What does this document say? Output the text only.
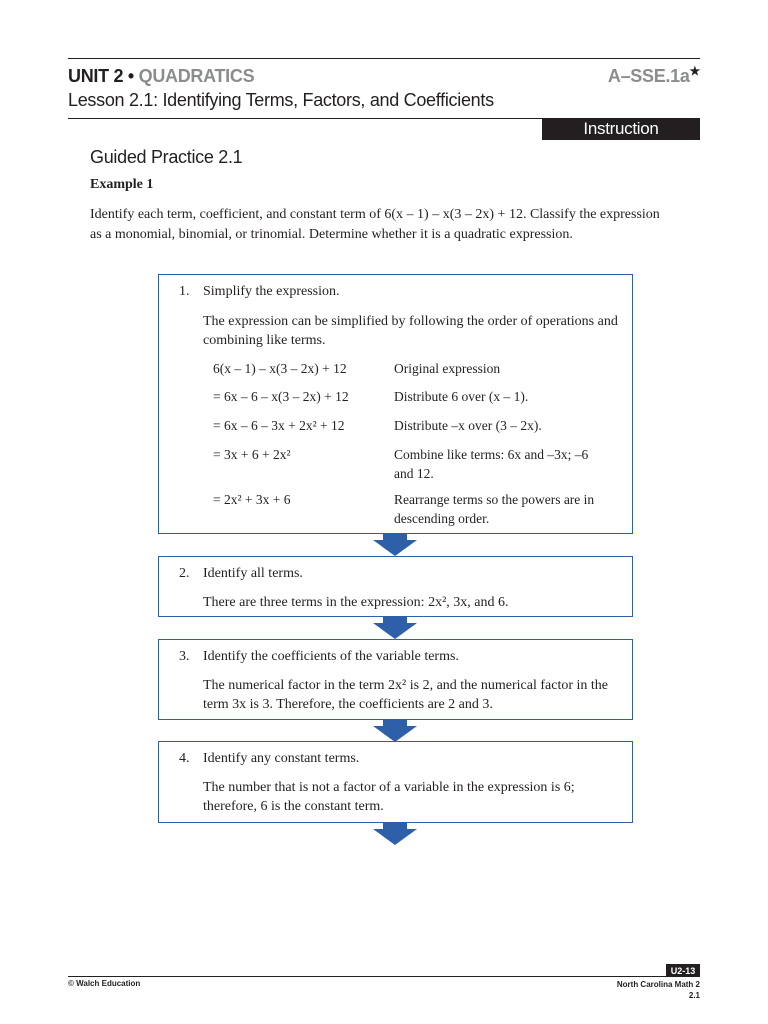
UNIT 2 • QUADRATICS	A–SSE.1a★
Lesson 2.1: Identifying Terms, Factors, and Coefficients
Instruction
Guided Practice 2.1
Example 1
Identify each term, coefficient, and constant term of 6(x – 1) – x(3 – 2x) + 12. Classify the expression
as a monomial, binomial, or trinomial. Determine whether it is a quadratic expression.
1. Simplify the expression.
The expression can be simplified by following the order of operations and combining like terms.
6(x – 1) – x(3 – 2x) + 12	Original expression
= 6x – 6 – x(3 – 2x) + 12	Distribute 6 over (x – 1).
= 6x – 6 – 3x + 2x² + 12	Distribute –x over (3 – 2x).
= 3x + 6 + 2x²	Combine like terms: 6x and –3x; –6 and 12.
= 2x² + 3x + 6	Rearrange terms so the powers are in descending order.
2. Identify all terms.
There are three terms in the expression: 2x², 3x, and 6.
3. Identify the coefficients of the variable terms.
The numerical factor in the term 2x² is 2, and the numerical factor in the term 3x is 3. Therefore, the coefficients are 2 and 3.
4. Identify any constant terms.
The number that is not a factor of a variable in the expression is 6; therefore, 6 is the constant term.
U2-13
© Walch Education	North Carolina Math 2
2.1
